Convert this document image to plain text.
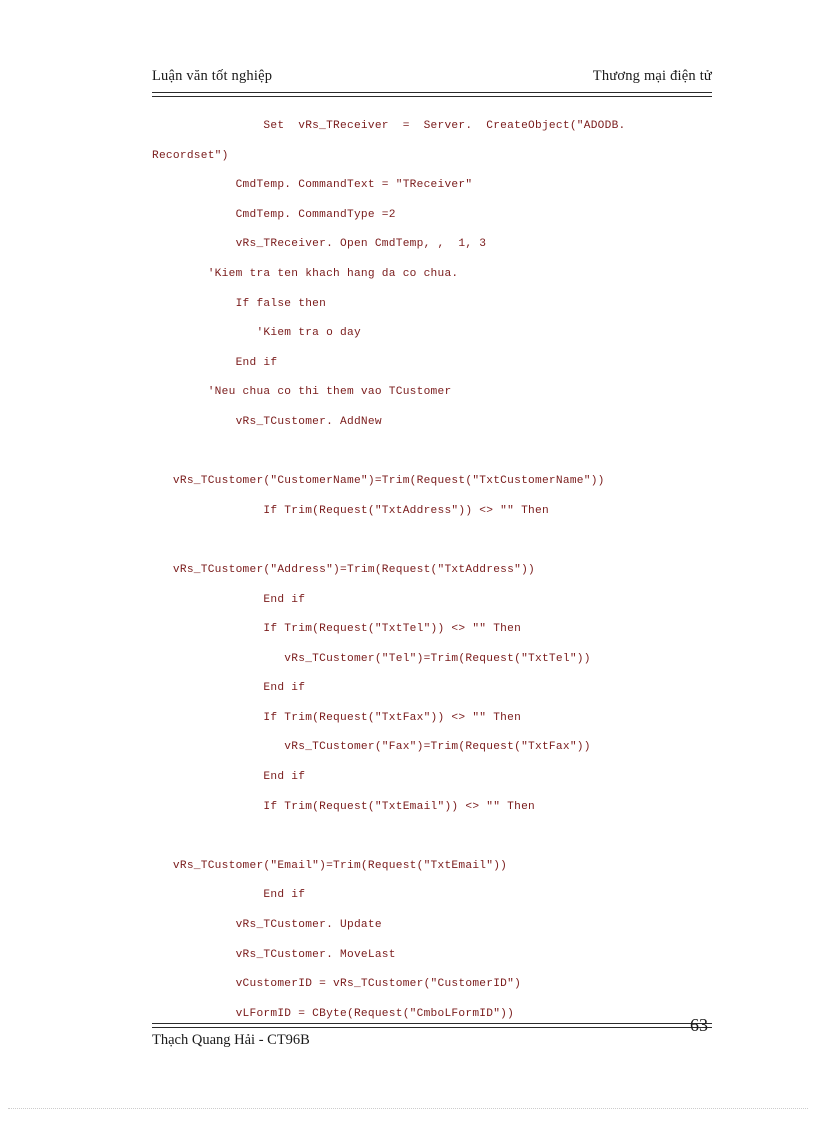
Luận văn tốt nghiệp	Thương mại điện tử
Set  vRs_TReceiver  =  Server.  CreateObject("ADODB.
Recordset")
CmdTemp. CommandText = "TReceiver"
CmdTemp. CommandType =2
vRs_TReceiver. Open CmdTemp, ,  1, 3
'Kiem tra ten khach hang da co chua.
If false then
'Kiem tra o day
End if
'Neu chua co thi them vao TCustomer
vRs_TCustomer. AddNew
vRs_TCustomer("CustomerName")=Trim(Request("TxtCustomerName"))
If Trim(Request("TxtAddress")) <> "" Then
vRs_TCustomer("Address")=Trim(Request("TxtAddress"))
End if
If Trim(Request("TxtTel")) <> "" Then
vRs_TCustomer("Tel")=Trim(Request("TxtTel"))
End if
If Trim(Request("TxtFax")) <> "" Then
vRs_TCustomer("Fax")=Trim(Request("TxtFax"))
End if
If Trim(Request("TxtEmail")) <> "" Then
vRs_TCustomer("Email")=Trim(Request("TxtEmail"))
End if
vRs_TCustomer. Update
vRs_TCustomer. MoveLast
vCustomerID = vRs_TCustomer("CustomerID")
vLFormID = CByte(Request("CmboLFormID"))
Thạch Quang Hải - CT96B
63
